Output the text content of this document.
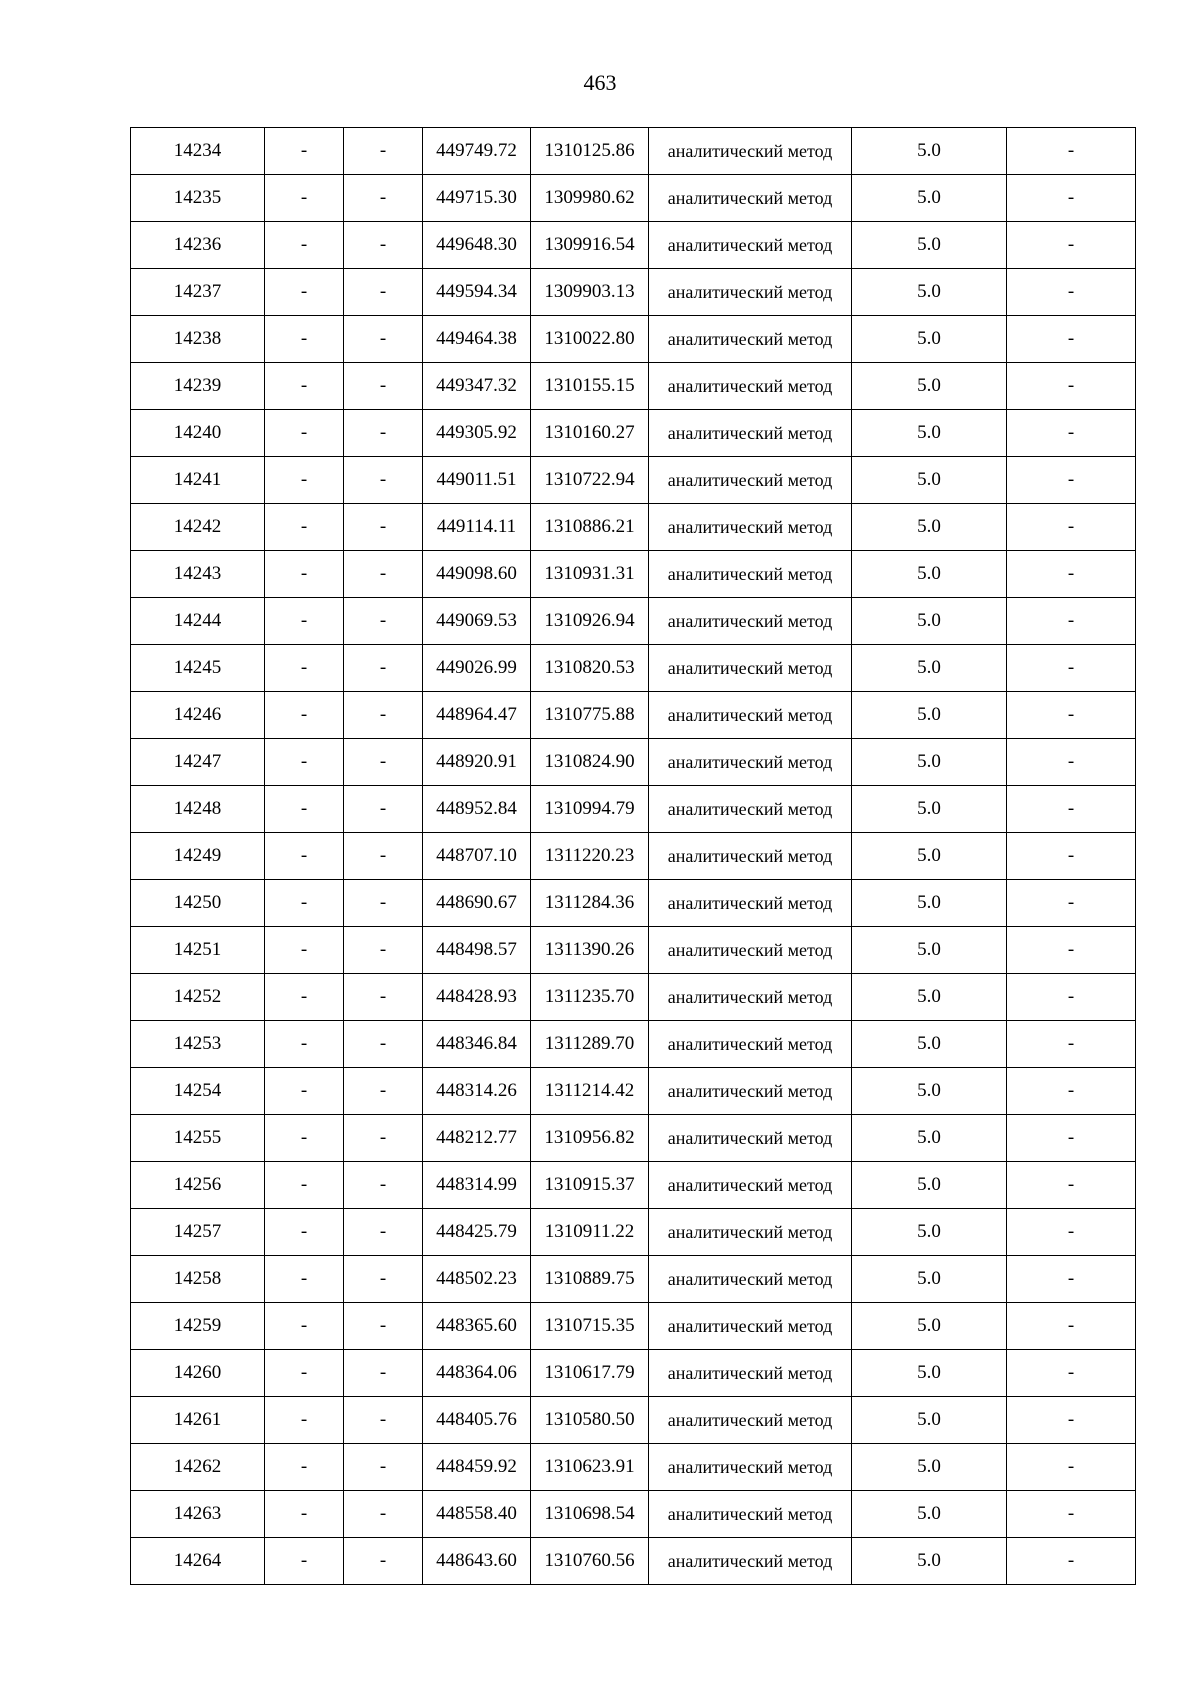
463
14234	-	-	449749.72	1310125.86	аналитический метод	5.0	-
14235	-	-	449715.30	1309980.62	аналитический метод	5.0	-
14236	-	-	449648.30	1309916.54	аналитический метод	5.0	-
14237	-	-	449594.34	1309903.13	аналитический метод	5.0	-
14238	-	-	449464.38	1310022.80	аналитический метод	5.0	-
14239	-	-	449347.32	1310155.15	аналитический метод	5.0	-
14240	-	-	449305.92	1310160.27	аналитический метод	5.0	-
14241	-	-	449011.51	1310722.94	аналитический метод	5.0	-
14242	-	-	449114.11	1310886.21	аналитический метод	5.0	-
14243	-	-	449098.60	1310931.31	аналитический метод	5.0	-
14244	-	-	449069.53	1310926.94	аналитический метод	5.0	-
14245	-	-	449026.99	1310820.53	аналитический метод	5.0	-
14246	-	-	448964.47	1310775.88	аналитический метод	5.0	-
14247	-	-	448920.91	1310824.90	аналитический метод	5.0	-
14248	-	-	448952.84	1310994.79	аналитический метод	5.0	-
14249	-	-	448707.10	1311220.23	аналитический метод	5.0	-
14250	-	-	448690.67	1311284.36	аналитический метод	5.0	-
14251	-	-	448498.57	1311390.26	аналитический метод	5.0	-
14252	-	-	448428.93	1311235.70	аналитический метод	5.0	-
14253	-	-	448346.84	1311289.70	аналитический метод	5.0	-
14254	-	-	448314.26	1311214.42	аналитический метод	5.0	-
14255	-	-	448212.77	1310956.82	аналитический метод	5.0	-
14256	-	-	448314.99	1310915.37	аналитический метод	5.0	-
14257	-	-	448425.79	1310911.22	аналитический метод	5.0	-
14258	-	-	448502.23	1310889.75	аналитический метод	5.0	-
14259	-	-	448365.60	1310715.35	аналитический метод	5.0	-
14260	-	-	448364.06	1310617.79	аналитический метод	5.0	-
14261	-	-	448405.76	1310580.50	аналитический метод	5.0	-
14262	-	-	448459.92	1310623.91	аналитический метод	5.0	-
14263	-	-	448558.40	1310698.54	аналитический метод	5.0	-
14264	-	-	448643.60	1310760.56	аналитический метод	5.0	-
